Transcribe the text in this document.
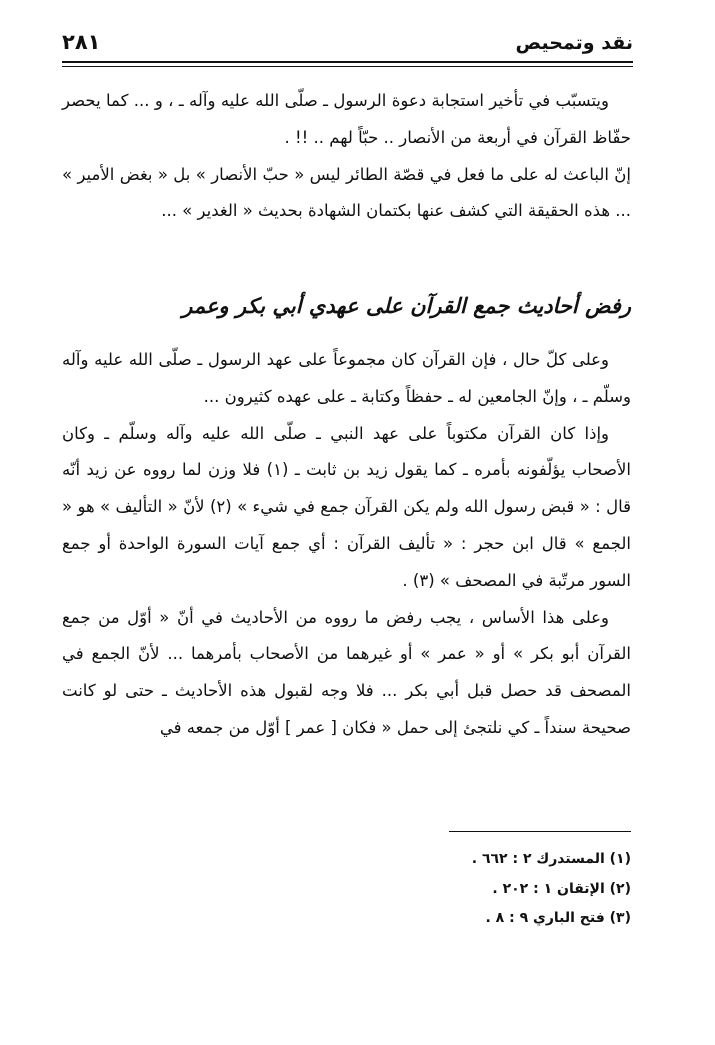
نقد وتمحيص
٢٨١

ويتسبّب في تأخير استجابة دعوة الرسول ـ صلّى الله عليه وآله ـ ، و ... كما يحصر حفّاظ القرآن في أربعة من الأنصار .. حبّاً لهم .. !! .

إنّ الباعث له على ما فعل في قصّة الطائر ليس « حبّ الأنصار » بل « بغض الأمير » ... هذه الحقيقة التي كشف عنها بكتمان الشهادة بحديث « الغدير » ...

رفض أحاديث جمع القرآن على عهدي أبي بكر وعمر

وعلى كلّ حال ، فإن القرآن كان مجموعاً على عهد الرسول ـ صلّى الله عليه وآله وسلّم ـ ، وإنّ الجامعين له ـ حفظاً وكتابة ـ على عهده كثيرون ...

وإذا كان القرآن مكتوباً على عهد النبي ـ صلّى الله عليه وآله وسلّم ـ وكان الأصحاب يؤلّفونه بأمره ـ كما يقول زيد بن ثابت ـ (١) فلا وزن لما رووه عن زيد أنّه قال : « قبض رسول الله ولم يكن القرآن جمع في شيء » (٢) لأنّ « التأليف » هو « الجمع » قال ابن حجر : « تأليف القرآن : أي جمع آيات السورة الواحدة أو جمع السور مرتّبة في المصحف » (٣) .

وعلى هذا الأساس ، يجب رفض ما رووه من الأحاديث في أنّ « أوّل من جمع القرآن أبو بكر » أو « عمر » أو غيرهما من الأصحاب بأمرهما ... لأنّ الجمع في المصحف قد حصل قبل أبي بكر ... فلا وجه لقبول هذه الأحاديث ـ حتى لو كانت صحيحة سنداً ـ كي نلتجئ إلى حمل « فكان [ عمر ] أوّل من جمعه في

(١) المستدرك ٢ : ٦٦٢ .
(٢) الإتقان ١ : ٢٠٢ .
(٣) فتح الباري ٩ : ٨ .
